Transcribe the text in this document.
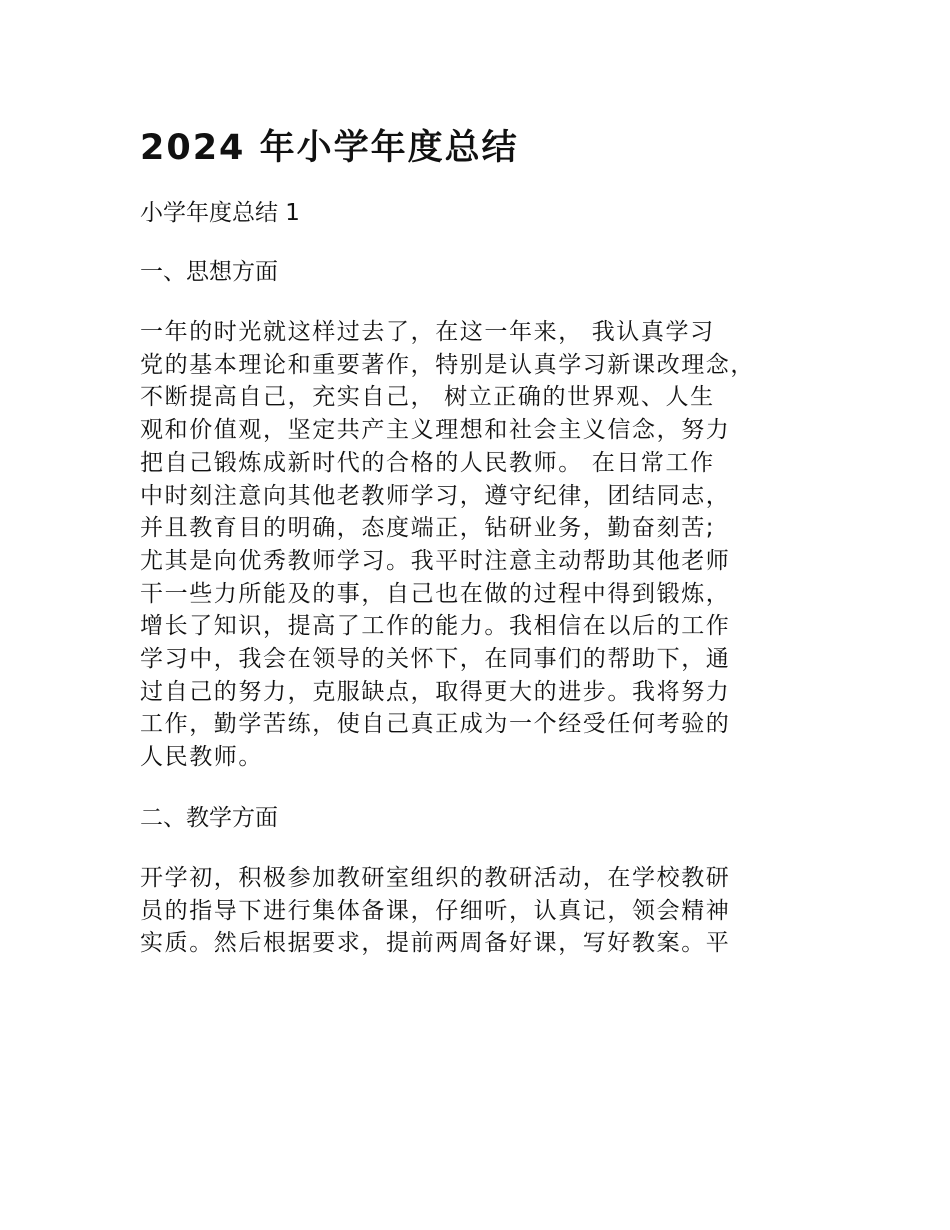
2024 年小学年度总结
小学年度总结 1
一、思想方面
一年的时光就这样过去了，在这一年来， 我认真学习
党的基本理论和重要著作，特别是认真学习新课改理念，
不断提高自己，充实自己， 树立正确的世界观、人生
观和价值观，坚定共产主义理想和社会主义信念，努力
把自己锻炼成新时代的合格的人民教师。 在日常工作
中时刻注意向其他老教师学习，遵守纪律，团结同志，
并且教育目的明确，态度端正，钻研业务，勤奋刻苦;
尤其是向优秀教师学习。我平时注意主动帮助其他老师
干一些力所能及的事，自己也在做的过程中得到锻炼，
增长了知识，提高了工作的能力。我相信在以后的工作
学习中，我会在领导的关怀下，在同事们的帮助下，通
过自己的努力，克服缺点，取得更大的进步。我将努力
工作，勤学苦练，使自己真正成为一个经受任何考验的
人民教师。
二、教学方面
开学初，积极参加教研室组织的教研活动，在学校教研
员的指导下进行集体备课，仔细听，认真记，领会精神
实质。然后根据要求，提前两周备好课，写好教案。平
